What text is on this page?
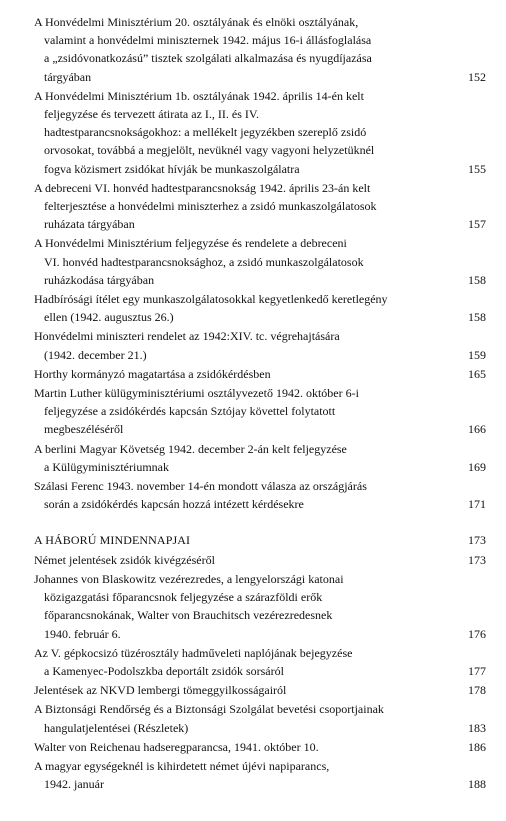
A Honvédelmi Minisztérium 20. osztályának és elnöki osztályának,
valamint a honvédelmi miniszternek 1942. május 16-i állásfoglalása
a „zsidóvonatkozású” tisztek szolgálati alkalmazása és nyugdíjazása
tárgyában	152
A Honvédelmi Minisztérium 1b. osztályának 1942. április 14-én kelt
feljegyzése és tervezett átirata az I., II. és IV.
hadtestparancsnokságokhoz: a mellékelt jegyzékben szereplő zsidó
orvosokat, továbbá a megjelölt, nevüknél vagy vagyoni helyzetüknél
fogva közismert zsidókat hívják be munkaszolgálatra	155
A debreceni VI. honvéd hadtestparancsnokság 1942. április 23-án kelt
felterjesztése a honvédelmi miniszterhez a zsidó munkaszolgálatosok
ruházata tárgyában	157
A Honvédelmi Minisztérium feljegyzése és rendelete a debreceni
VI. honvéd hadtestparancsnoksághoz, a zsidó munkaszolgálatosok
ruházkodása tárgyában	158
Hadbírósági ítélet egy munkaszolgálatosokkal kegyetlenkedő keretlegény
ellen (1942. augusztus 26.)	158
Honvédelmi miniszteri rendelet az 1942:XIV. tc. végrehajtására
(1942. december 21.)	159
Horthy kormányzó magatartása a zsidókérdésben	165
Martin Luther külügyminisztériumi osztályvezető 1942. október 6-i
feljegyzése a zsidókérdés kapcsán Sztójay követtel folytatott
megbeszéléséről	166
A berlini Magyar Követség 1942. december 2-án kelt feljegyzése
a Külügyminisztériumnak	169
Szálasi Ferenc 1943. november 14-én mondott válasza az országjárás
során a zsidókérdés kapcsán hozzá intézett kérdésekre	171
A HÁBORÚ MINDENNAPJAI	173
Német jelentések zsidók kivégzéséről	173
Johannes von Blaskowitz vezérezredes, a lengyelországi katonai
közigazgatási főparancsnok feljegyzése a szárazföldi erők
főparancsnokának, Walter von Brauchitsch vezérezredesnek
1940. február 6.	176
Az V. gépkocsizó tüzérosztály hadműveleti naplójának bejegyzése
a Kamenyec-Podolszkba deportált zsidók sorsáról	177
Jelentések az NKVD lembergi tömeggyilkosságairól	178
A Biztonsági Rendőrség és a Biztonsági Szolgálat bevetési csoportjainak
hangulatjelentései (Részletek)	183
Walter von Reichenau hadseregparancsa, 1941. október 10.	186
A magyar egységeknél is kihirdetett német újévi napiparancs,
1942. január	188
